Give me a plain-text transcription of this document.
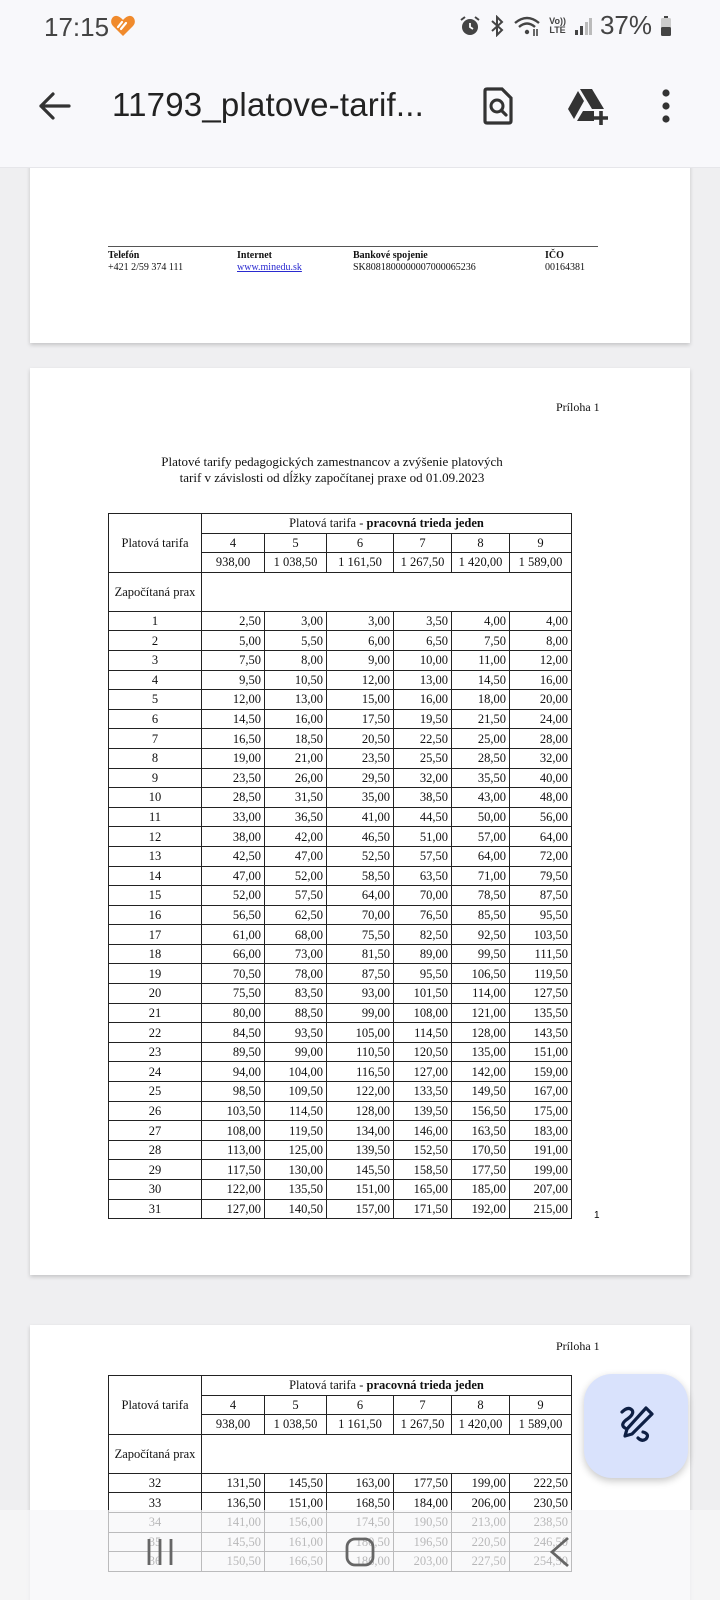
17:15	Vo))
LTE 37%
11793_platove-tarif...
Telefón
+421 2/59 374 111
Internet
www.minedu.sk
Bankové spojenie
SK8081800000007000065236
IČO
00164381
Príloha 1
Platové tarify pedagogických zamestnancov a zvýšenie platových
tarif v závislosti od dĺžky započítanej praxe od 01.09.2023
Platová tarifa	Platová tarifa - pracovná trieda jeden					
	4	5	6	7	8	9
	938,00	1 038,50	1 161,50	1 267,50	1 420,00	1 589,00
Započítaná prax						
1	2,50	3,00	3,00	3,50	4,00	4,00
2	5,00	5,50	6,00	6,50	7,50	8,00
3	7,50	8,00	9,00	10,00	11,00	12,00
4	9,50	10,50	12,00	13,00	14,50	16,00
5	12,00	13,00	15,00	16,00	18,00	20,00
6	14,50	16,00	17,50	19,50	21,50	24,00
7	16,50	18,50	20,50	22,50	25,00	28,00
8	19,00	21,00	23,50	25,50	28,50	32,00
9	23,50	26,00	29,50	32,00	35,50	40,00
10	28,50	31,50	35,00	38,50	43,00	48,00
11	33,00	36,50	41,00	44,50	50,00	56,00
12	38,00	42,00	46,50	51,00	57,00	64,00
13	42,50	47,00	52,50	57,50	64,00	72,00
14	47,00	52,00	58,50	63,50	71,00	79,50
15	52,00	57,50	64,00	70,00	78,50	87,50
16	56,50	62,50	70,00	76,50	85,50	95,50
17	61,00	68,00	75,50	82,50	92,50	103,50
18	66,00	73,00	81,50	89,00	99,50	111,50
19	70,50	78,00	87,50	95,50	106,50	119,50
20	75,50	83,50	93,00	101,50	114,00	127,50
21	80,00	88,50	99,00	108,00	121,00	135,50
22	84,50	93,50	105,00	114,50	128,00	143,50
23	89,50	99,00	110,50	120,50	135,00	151,00
24	94,00	104,00	116,50	127,00	142,00	159,00
25	98,50	109,50	122,00	133,50	149,50	167,00
26	103,50	114,50	128,00	139,50	156,50	175,00
27	108,00	119,50	134,00	146,00	163,50	183,00
28	113,00	125,00	139,50	152,50	170,50	191,00
29	117,50	130,00	145,50	158,50	177,50	199,00
30	122,00	135,50	151,00	165,00	185,00	207,00
31	127,00	140,50	157,00	171,50	192,00	215,00	1
Príloha 1
Platová tarifa	Platová tarifa - pracovná trieda jeden					
	4	5	6	7	8	9
	938,00	1 038,50	1 161,50	1 267,50	1 420,00	1 589,00
Započítaná prax						
32	131,50	145,50	163,00	177,50	199,00	222,50
33	136,50	151,00	168,50	184,00	206,00	230,50
